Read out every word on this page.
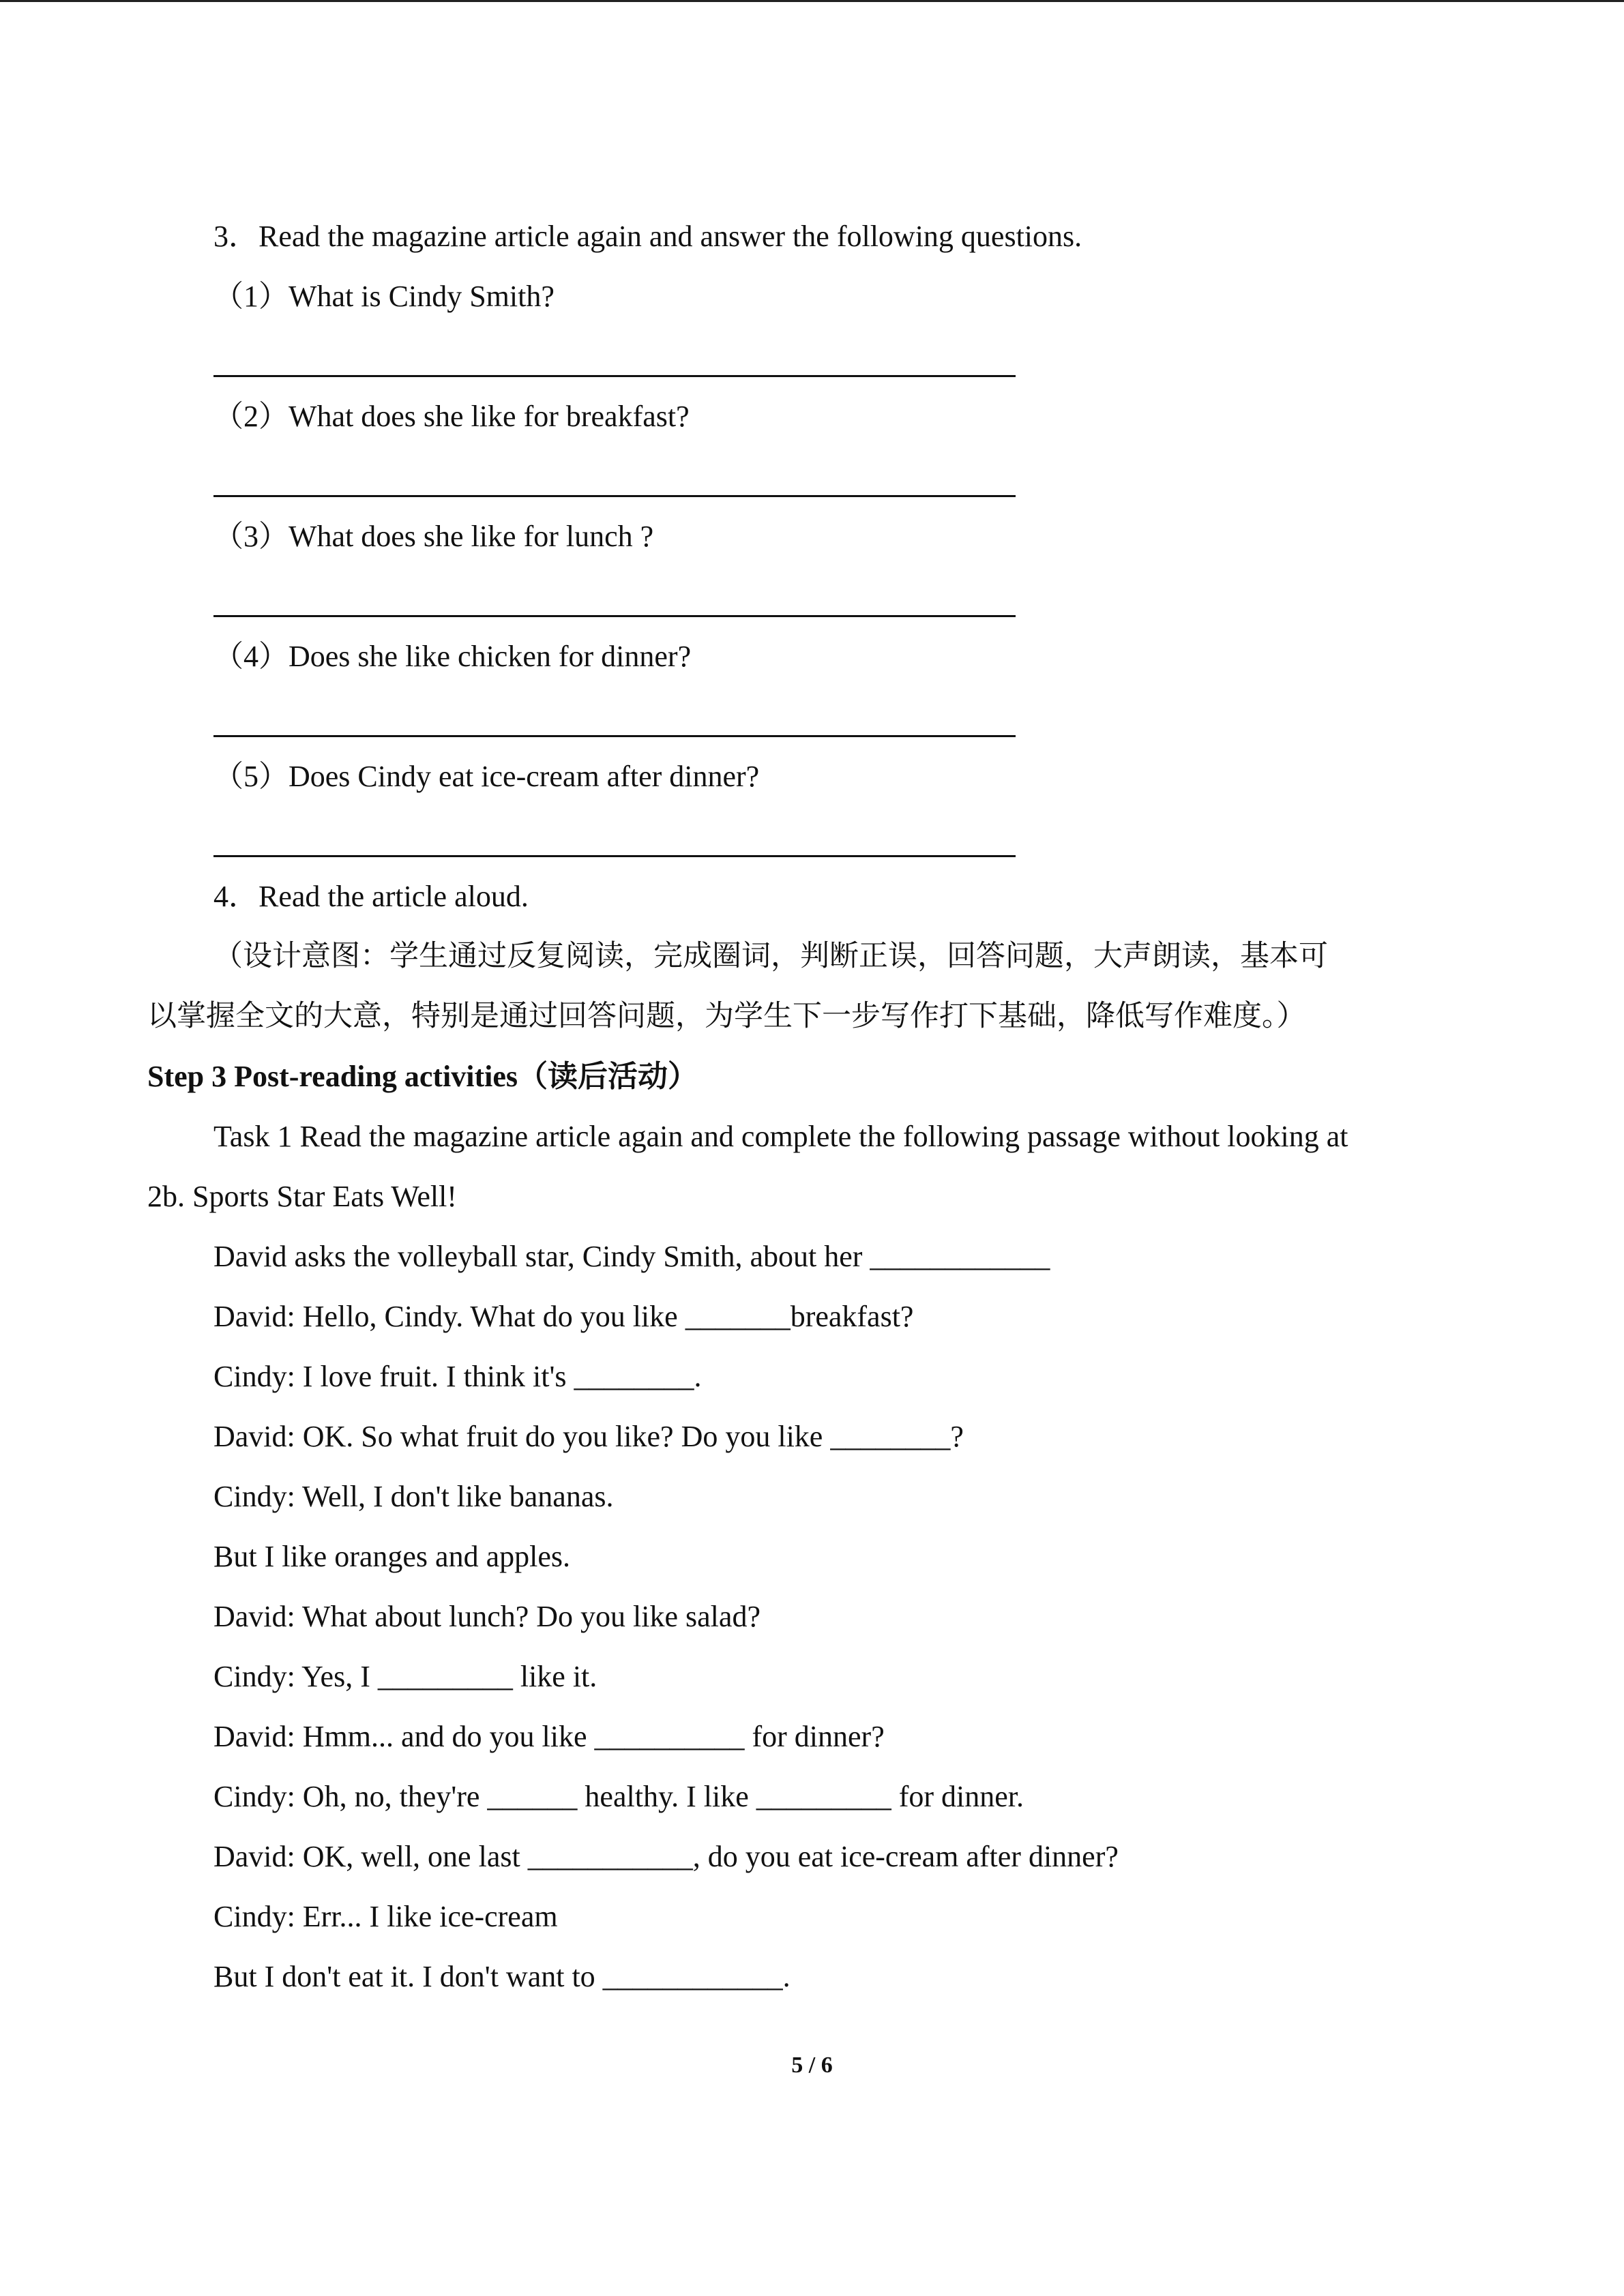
3．Read the magazine article again and answer the following questions.
（1）What is Cindy Smith?
（2）What does she like for breakfast?
（3）What does she like for lunch ?
（4）Does she like chicken for dinner?
（5）Does Cindy eat ice-cream after dinner?
4．Read the article aloud.
（设计意图：学生通过反复阅读，完成圈词，判断正误，回答问题，大声朗读，基本可
以掌握全文的大意，特别是通过回答问题，为学生下一步写作打下基础，降低写作难度。）
Step 3 Post-reading activities（读后活动）
Task 1 Read the magazine article again and complete the following passage without looking at
2b. Sports Star Eats Well!
David asks the volleyball star, Cindy Smith, about her ____________
David: Hello, Cindy. What do you like _______breakfast?
Cindy: I love fruit. I think it's ________.
David: OK. So what fruit do you like? Do you like ________?
Cindy: Well, I don't like bananas.
But I like oranges and apples.
David: What about lunch? Do you like salad?
Cindy: Yes, I _________ like it.
David: Hmm... and do you like __________ for dinner?
Cindy: Oh, no, they're ______ healthy. I like _________ for dinner.
David: OK, well, one last ___________, do you eat ice-cream after dinner?
Cindy: Err... I like ice-cream
But I don't eat it. I don't want to ____________.
5 / 6
